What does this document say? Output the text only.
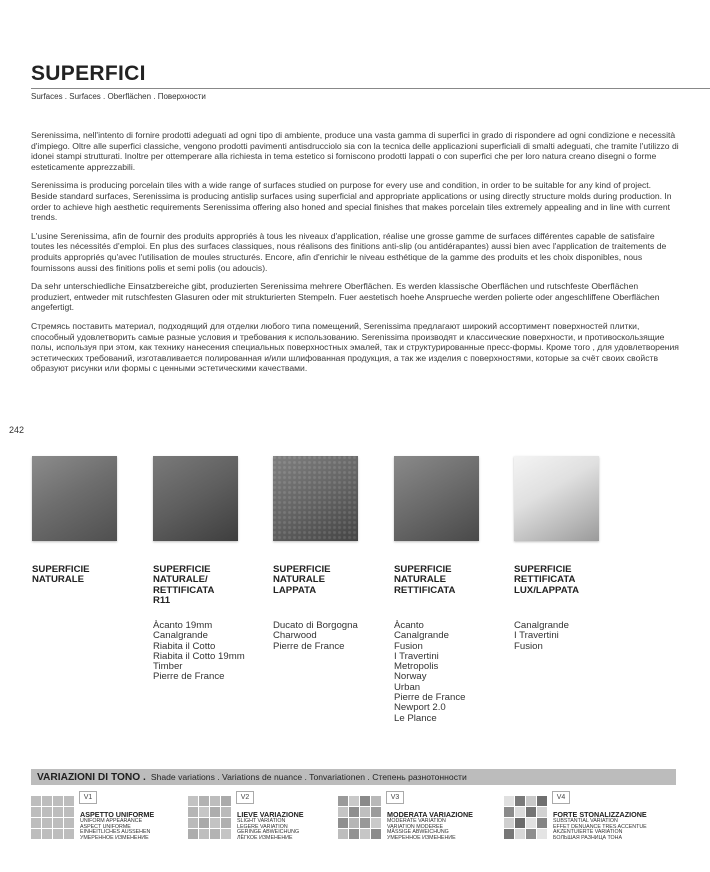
SUPERFICI
Surfaces . Surfaces . Oberflächen . Поверхности

Serenissima, nell'intento di fornire prodotti adeguati ad ogni tipo di ambiente, produce una vasta gamma di superfici in grado di rispondere ad ogni condizione e necessità d'impiego. Oltre alle superfici classiche, vengono prodotti pavimenti antisdrucciolo sia con la tecnica delle applicazioni superficiali di smalti adeguati, che tramite l'utilizzo di idonei stampi strutturati. Inoltre per ottemperare alla richiesta in tema estetico si forniscono prodotti lappati o con superfici che per loro natura creano disegni o forme esteticamente apprezzabili.

Serenissima is producing porcelain tiles with a wide range of surfaces studied on purpose for every use and condition, in order to be suitable for any kind of project. Beside standard surfaces, Serenissima is producing antislip surfaces using superficial and appropriate applications or using directly structure molds during production. In order to achieve high aesthetic requirements Serenissima offering also honed and special finishes that makes porcelain tiles extremely appealing and in line with current trends.

L'usine Serenissima, afin de fournir des produits appropriés à tous les niveaux d'application, réalise une grosse gamme de surfaces différentes capable de satisfaire toutes les nécessités d'emploi. En plus des surfaces classiques, nous réalisons des finitions anti-slip (ou antidérapantes) aussi bien avec l'application de traitements de produits appropriés qu'avec l'utilisation de moules structurés. Encore, afin d'enrichir le niveau esthétique de la gamme des produits et les choix disponibles, nous fournissons aussi des finitions polis et semi polis (ou adoucis).

Da sehr unterschiedliche Einsatzbereiche gibt, produzierten Serenissima mehrere Oberflächen. Es werden klassische Oberflächen und rutschfeste Oberflächen produziert, entweder mit rutschfesten Glasuren oder mit strukturierten Stempeln. Fuer aestetisch hoehe Ansprueche werden polierte oder angeschliffene Oberflächen angefertigt.

Стремясь поставить материал, подходящий для отделки любого типа помещений, Serenissima предлагают широкий ассортимент поверхностей плитки, способный удовлетворить самые разные условия и требования к использованию. Serenissima производят и классические поверхности, и противоскользящие полы, используя при этом, как технику нанесения специальных поверхностных эмалей, так и структурированные пресс-формы. Кроме того , для удовлетворения эстетических требований, изготавливается полированная и/или шлифованная продукция, а так же изделия с поверхностями, которые за счёт своих свойств образуют рисунки или формы с ценными эстетическими качествами.

242
SUPERFICIE NATURALE
SUPERFICIE NATURALE/ RETTIFICATA R11
SUPERFICIE NATURALE LAPPATA
SUPERFICIE NATURALE RETTIFICATA
SUPERFICIE RETTIFICATA LUX/LAPPATA
Àcanto 19mm
Canalgrande
Riabita il Cotto
Riabita il Cotto 19mm
Timber
Pierre de France
Ducato di Borgogna
Charwood
Pierre de France
Àcanto
Canalgrande
Fusion
I Travertini
Metropolis
Norway
Urban
Pierre de France
Newport 2.0
Le Plance
Canalgrande
I Travertini
Fusion
VARIAZIONI DI TONO . Shade variations . Variations de nuance . Tonvariationen . Степень разнотонности
V1
ASPETTO UNIFORME
UNIFORM APPEARANCE
ASPECT UNIFORME
EINHEITLICHES AUSSEHEN
УМЕРЕННОЕ ИЗМЕНЕНИЕ
V2
LIEVE VARIAZIONE
SLIGHT VARIATION
LEGERE VARIATION
GERINGE ABWEICHUNG
ЛЁГКОЕ ИЗМЕНЕНИЕ
V3
MODERATA VARIAZIONE
MODERATE VARIATION
VARIATION MODEREE
MÄSSIGE ABWEICHUNG
УМЕРЕННОЕ ИЗМЕНЕНИЕ
V4
FORTE STONALIZZAZIONE
SUBSTANTIAL VARIATION
EFFET DENUANCE TRES ACCENTUE
AKZENTUIERTE VARIATION
БОЛЬШАЯ РАЗНИЦА ТОНА
